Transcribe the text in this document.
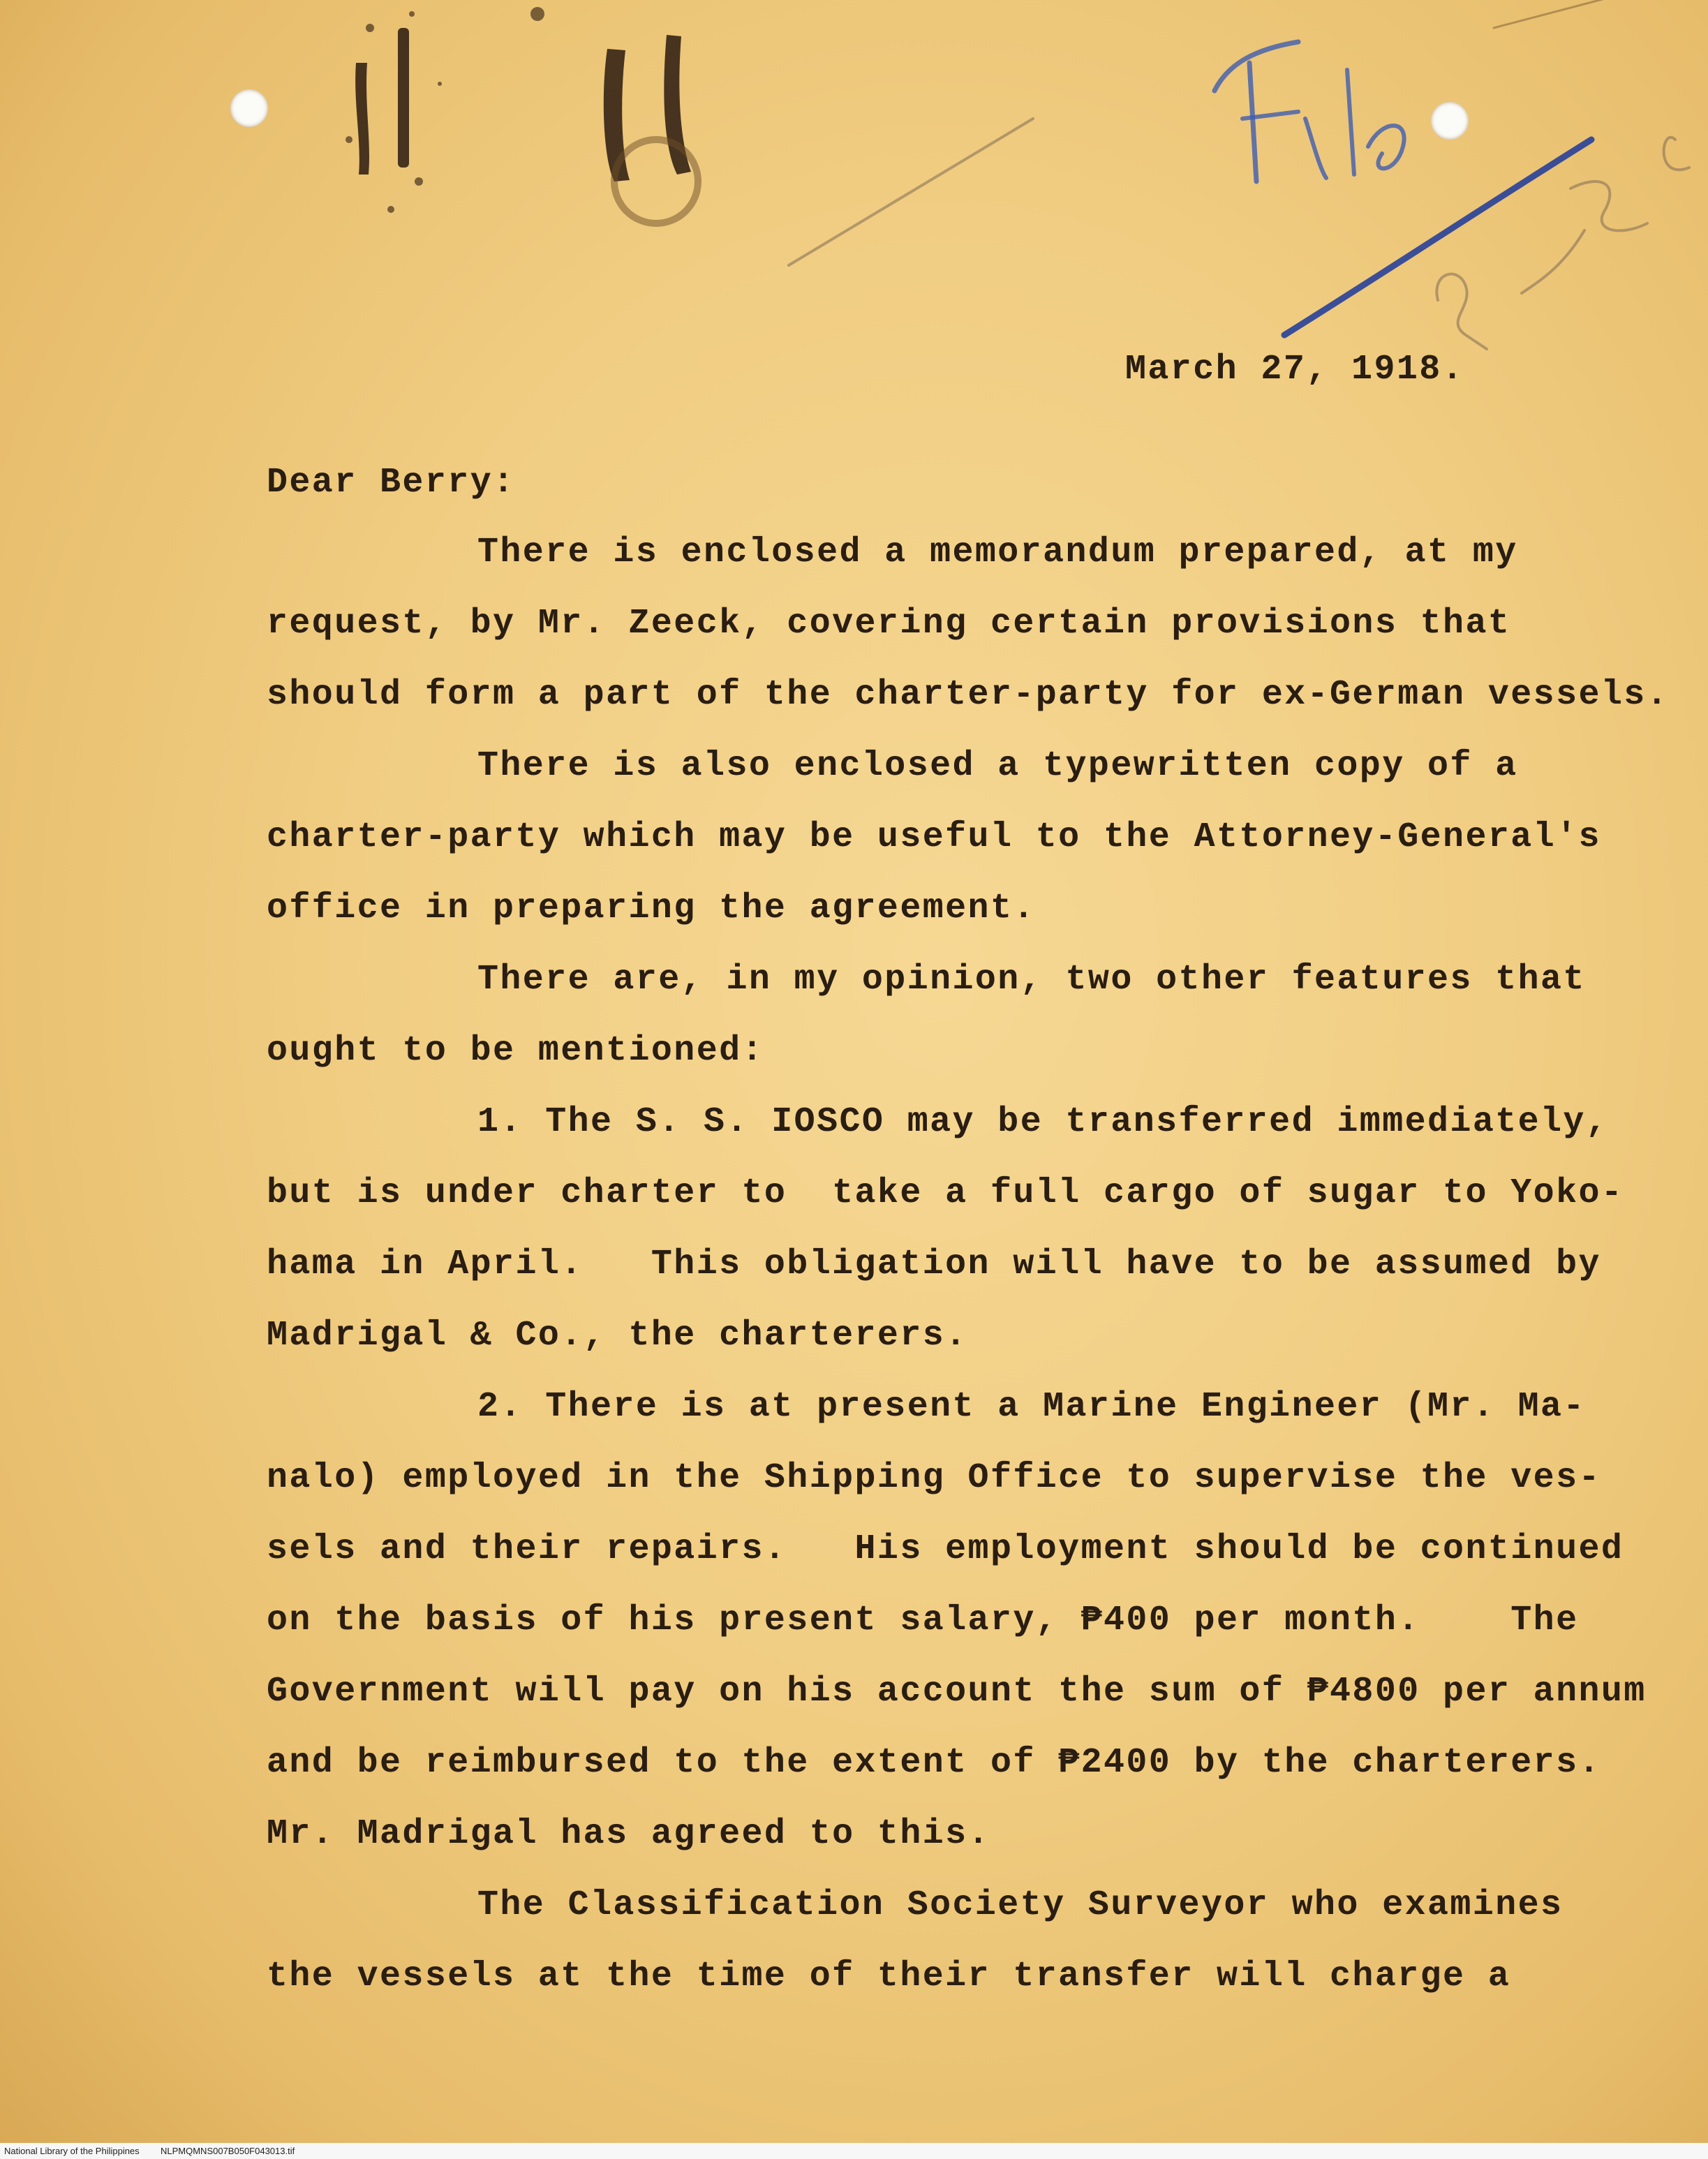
March 27, 1918.

Dear Berry:

There is enclosed a memorandum prepared, at my

request, by Mr. Zeeck, covering certain provisions that

should form a part of the charter-party for ex-German vessels.

There is also enclosed a typewritten copy of a

charter-party which may be useful to the Attorney-General's

office in preparing the agreement.

There are, in my opinion, two other features that

ought to be mentioned:

1. The S. S. IOSCO may be transferred immediately,

but is under charter to  take a full cargo of sugar to Yoko-

hama in April.   This obligation will have to be assumed by

Madrigal & Co., the charterers.

2. There is at present a Marine Engineer (Mr. Ma-

nalo) employed in the Shipping Office to supervise the ves-

sels and their repairs.   His employment should be continued

on the basis of his present salary, ₱400 per month.    The

Government will pay on his account the sum of ₱4800 per annum

and be reimbursed to the extent of ₱2400 by the charterers.

Mr. Madrigal has agreed to this.

The Classification Society Surveyor who examines

the vessels at the time of their transfer will charge a

National Library of the Philippines NLPMQMNS007B050F043013.tif
